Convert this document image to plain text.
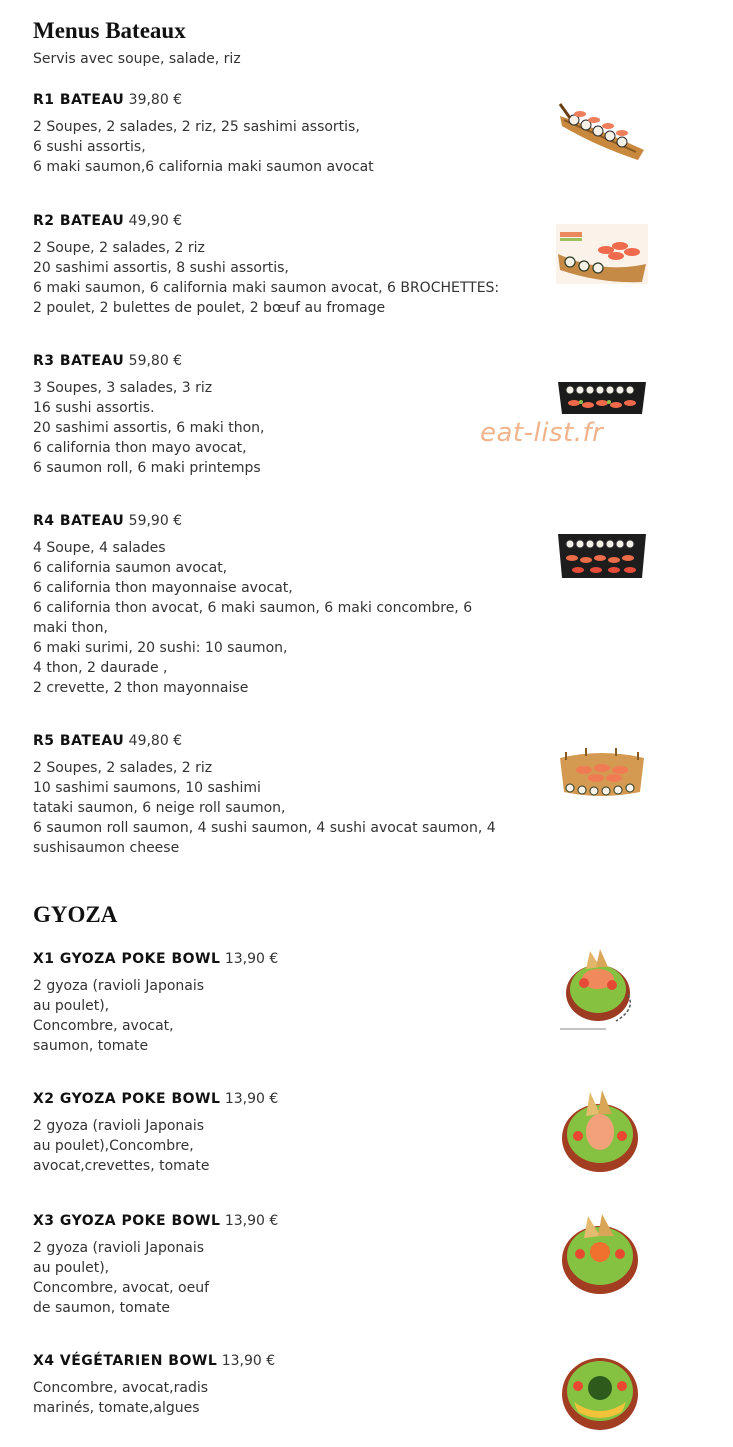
Menus Bateaux
Servis avec soupe, salade, riz
R1 BATEAU 39,80 €
2 Soupes, 2 salades, 2 riz, 25 sashimi assortis,
6 sushi assortis,
6 maki saumon,6 california maki saumon avocat
R2 BATEAU 49,90 €
2 Soupe, 2 salades, 2 riz
20 sashimi assortis, 8 sushi assortis,
6 maki saumon, 6 california maki saumon avocat, 6 BROCHETTES:
2 poulet, 2 bulettes de poulet, 2 bœuf au fromage
R3 BATEAU 59,80 €
3 Soupes, 3 salades, 3 riz
16 sushi assortis.
20 sashimi assortis, 6 maki thon,
6 california thon mayo avocat,
6 saumon roll, 6 maki printemps
R4 BATEAU 59,90 €
4 Soupe, 4 salades
6 california saumon avocat,
6 california thon mayonnaise avocat,
6 california thon avocat, 6 maki saumon, 6 maki concombre, 6
maki thon,
6 maki surimi, 20 sushi: 10 saumon,
4 thon, 2 daurade ,
2 crevette, 2 thon mayonnaise
R5 BATEAU 49,80 €
2 Soupes, 2 salades, 2 riz
10 sashimi saumons, 10 sashimi
tataki saumon, 6 neige roll saumon,
6 saumon roll saumon, 4 sushi saumon, 4 sushi avocat saumon, 4
sushisaumon cheese
eat-list.fr
GYOZA
X1 GYOZA POKE BOWL 13,90 €
2 gyoza (ravioli Japonais
au poulet),
Concombre, avocat,
saumon, tomate
X2 GYOZA POKE BOWL 13,90 €
2 gyoza (ravioli Japonais
au poulet),Concombre,
avocat,crevettes, tomate
X3 GYOZA POKE BOWL 13,90 €
2 gyoza (ravioli Japonais
au poulet),
Concombre, avocat, oeuf
de saumon, tomate
X4 VÉGÉTARIEN BOWL 13,90 €
Concombre, avocat,radis
marinés, tomate,algues
